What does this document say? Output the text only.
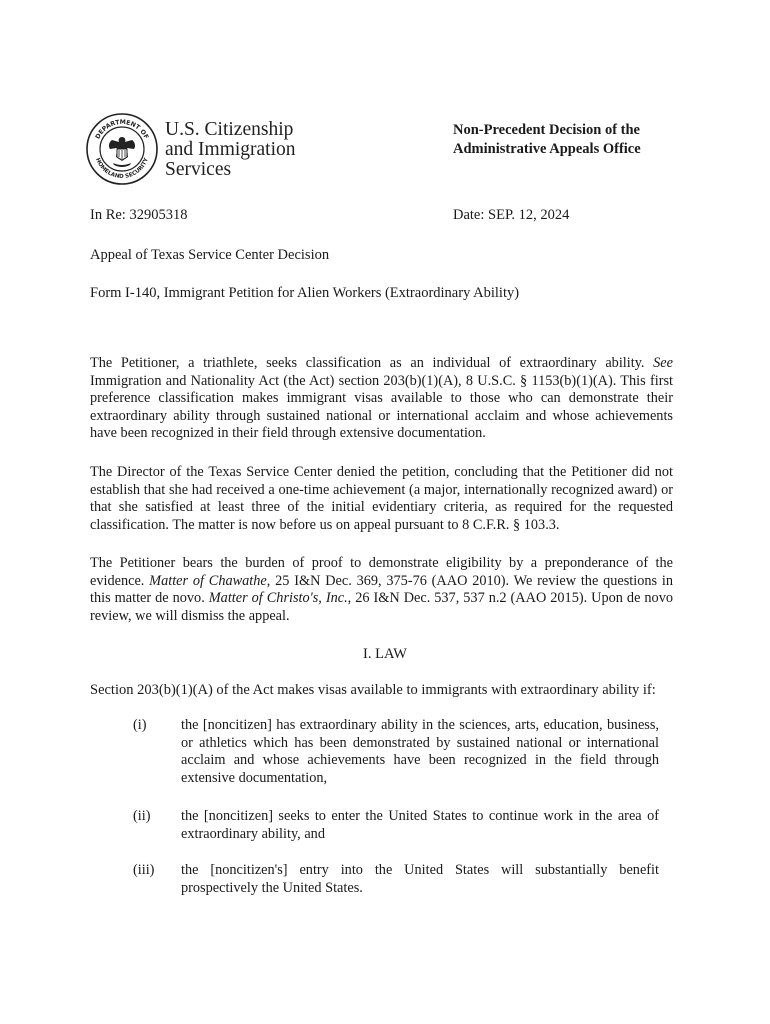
DEPARTMENT OF
HOMELAND SECURITY
U.S. Citizenship
and Immigration
Services
Non-Precedent Decision of the
Administrative Appeals Office
In Re: 32905318	Date: SEP. 12, 2024
Appeal of Texas Service Center Decision
Form I-140, Immigrant Petition for Alien Workers (Extraordinary Ability)

The Petitioner, a triathlete, seeks classification as an individual of extraordinary ability. See Immigration and Nationality Act (the Act) section 203(b)(1)(A), 8 U.S.C. § 1153(b)(1)(A). This first preference classification makes immigrant visas available to those who can demonstrate their extraordinary ability through sustained national or international acclaim and whose achievements have been recognized in their field through extensive documentation.

The Director of the Texas Service Center denied the petition, concluding that the Petitioner did not establish that she had received a one-time achievement (a major, internationally recognized award) or that she satisfied at least three of the initial evidentiary criteria, as required for the requested classification. The matter is now before us on appeal pursuant to 8 C.F.R. § 103.3.

The Petitioner bears the burden of proof to demonstrate eligibility by a preponderance of the evidence. Matter of Chawathe, 25 I&N Dec. 369, 375-76 (AAO 2010). We review the questions in this matter de novo. Matter of Christo's, Inc., 26 I&N Dec. 537, 537 n.2 (AAO 2015). Upon de novo review, we will dismiss the appeal.

I. LAW
Section 203(b)(1)(A) of the Act makes visas available to immigrants with extraordinary ability if:
(i) the [noncitizen] has extraordinary ability in the sciences, arts, education, business, or athletics which has been demonstrated by sustained national or international acclaim and whose achievements have been recognized in the field through extensive documentation,

(ii) the [noncitizen] seeks to enter the United States to continue work in the area of extraordinary ability, and

(iii) the [noncitizen's] entry into the United States will substantially benefit prospectively the United States.
